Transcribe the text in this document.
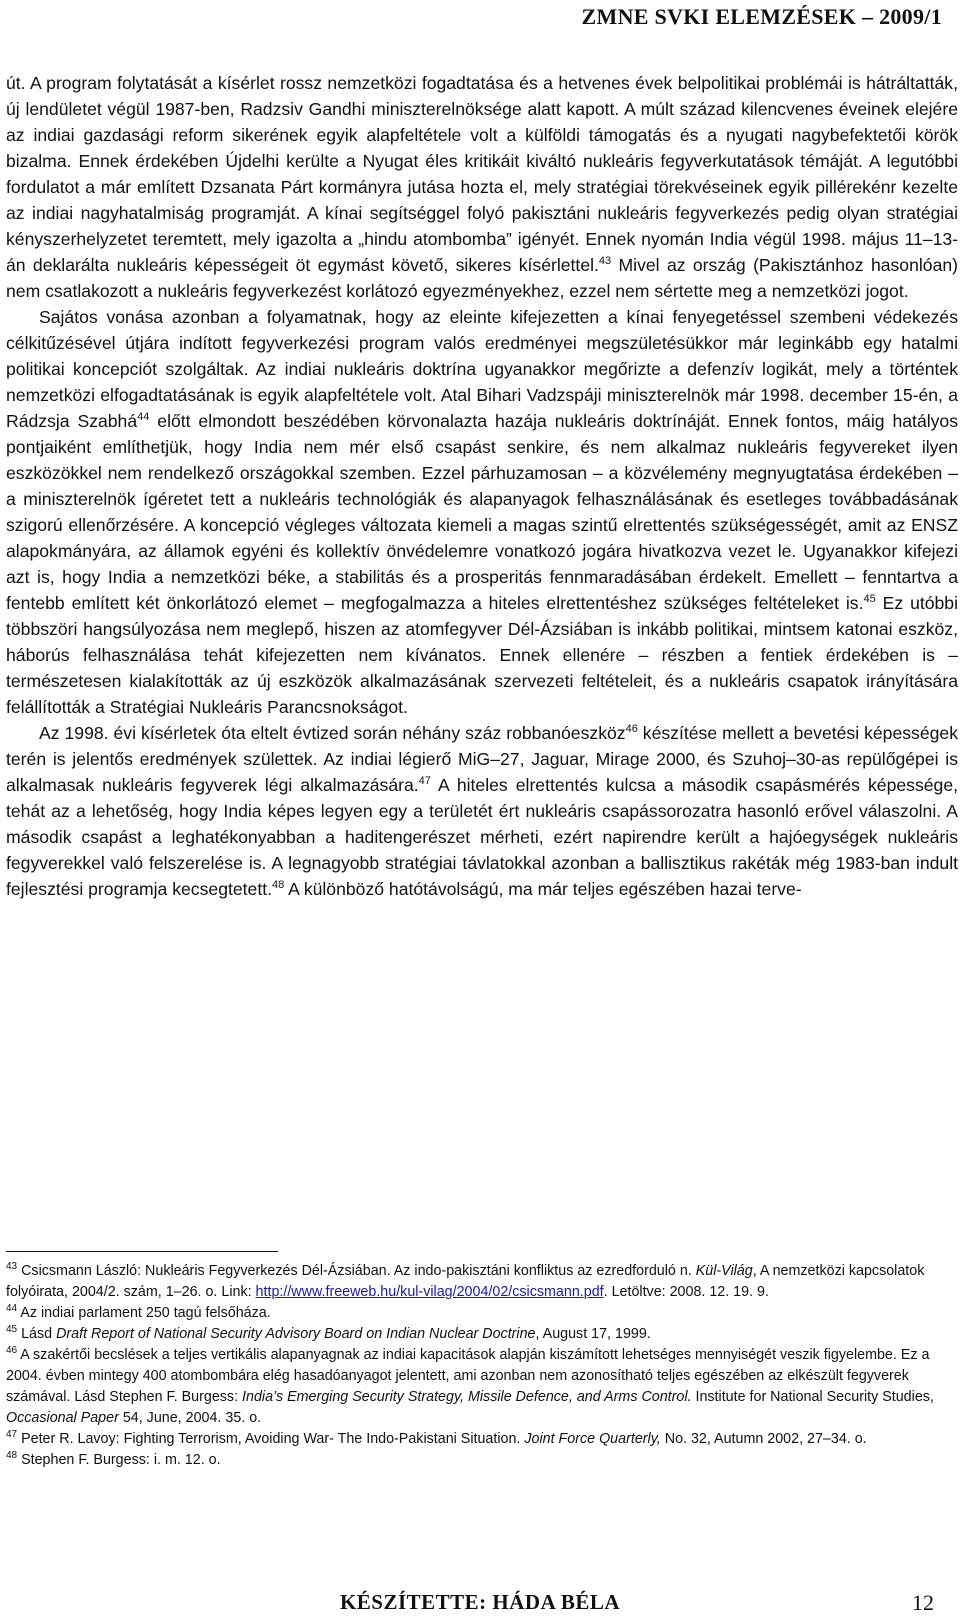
ZMNE SVKI ELEMZÉSEK – 2009/1

út. A program folytatását a kísérlet rossz nemzetközi fogadtatása és a hetvenes évek belpolitikai problémái is hátráltatták, új lendületet végül 1987-ben, Radzsiv Gandhi miniszterelnöksége alatt kapott. A múlt század kilencvenes éveinek elejére az indiai gazdasági reform sikerének egyik alapfeltétele volt a külföldi támogatás és a nyugati nagybefektetői körök bizalma. Ennek érdekében Újdelhi kerülte a Nyugat éles kritikáit kiváltó nukleáris fegyverkutatások témáját. A legutóbbi fordulatot a már említett Dzsanata Párt kormányra jutása hozta el, mely stratégiai törekvéseinek egyik pillérekénr kezelte az indiai nagyhatalmiság programját. A kínai segítséggel folyó pakisztáni nukleáris fegyverkezés pedig olyan stratégiai kényszerhelyzetet teremtett, mely igazolta a „hindu atombomba” igényét. Ennek nyomán India végül 1998. május 11–13-án deklarálta nukleáris képességeit öt egymást követő, sikeres kísérlettel.$^{43}$ Mivel az ország (Pakisztánhoz hasonlóan) nem csatlakozott a nukleáris fegyverkezést korlátozó egyezményekhez, ezzel nem sértette meg a nemzetközi jogot.

Sajátos vonása azonban a folyamatnak, hogy az eleinte kifejezetten a kínai fenyegetéssel szembeni védekezés célkitűzésével útjára indított fegyverkezési program valós eredményei megszületésükkor már leginkább egy hatalmi politikai koncepciót szolgáltak. Az indiai nukleáris doktrína ugyanakkor megőrizte a defenzív logikát, mely a történtek nemzetközi elfogadtatásának is egyik alapfeltétele volt. Atal Bihari Vadzspáji miniszterelnök már 1998. december 15-én, a Rádzsja Szabhá$^{44}$ előtt elmondott beszédében körvonalazta hazája nukleáris doktrínáját. Ennek fontos, máig hatályos pontjaiként említhetjük, hogy India nem mér első csapást senkire, és nem alkalmaz nukleáris fegyvereket ilyen eszközökkel nem rendelkező országokkal szemben. Ezzel párhuzamosan – a közvélemény megnyugtatása érdekében – a miniszterelnök ígéretet tett a nukleáris technológiák és alapanyagok felhasználásának és esetleges továbbadásának szigorú ellenőrzésére. A koncepció végleges változata kiemeli a magas szintű elrettentés szükségességét, amit az ENSZ alapokmányára, az államok egyéni és kollektív önvédelemre vonatkozó jogára hivatkozva vezet le. Ugyanakkor kifejezi azt is, hogy India a nemzetközi béke, a stabilitás és a prosperitás fennmaradásában érdekelt. Emellett – fenntartva a fentebb említett két önkorlátozó elemet – megfogalmazza a hiteles elrettentéshez szükséges feltételeket is.$^{45}$ Ez utóbbi többszöri hangsúlyozása nem meglepő, hiszen az atomfegyver Dél-Ázsiában is inkább politikai, mintsem katonai eszköz, háborús felhasználása tehát kifejezetten nem kívánatos. Ennek ellenére – részben a fentiek érdekében is – természetesen kialakították az új eszközök alkalmazásának szervezeti feltételeit, és a nukleáris csapatok irányítására felállították a Stratégiai Nukleáris Parancsnokságot.

Az 1998. évi kísérletek óta eltelt évtized során néhány száz robbanóeszköz$^{46}$ készítése mellett a bevetési képességek terén is jelentős eredmények születtek. Az indiai légierő MiG–27, Jaguar, Mirage 2000, és Szuhoj–30-as repülőgépei is alkalmasak nukleáris fegyverek légi alkalmazására.$^{47}$ A hiteles elrettentés kulcsa a második csapásmérés képessége, tehát az a lehetőség, hogy India képes legyen egy a területét ért nukleáris csapássorozatra hasonló erővel válaszolni. A második csapást a leghatékonyabban a haditengerészet mérheti, ezért napirendre került a hajóegységek nukleáris fegyverekkel való felszerelése is. A legnagyobb stratégiai távlatokkal azonban a ballisztikus rakéták még 1983-ban indult fejlesztési programja kecsegtetett.$^{48}$ A különböző hatótávolságú, ma már teljes egészében hazai terve-

$^{43}$ Csicsmann László: Nukleáris Fegyverkezés Dél-Ázsiában. Az indo-pakisztáni konfliktus az ezredforduló n. Kül-Világ, A nemzetközi kapcsolatok folyóirata, 2004/2. szám, 1–26. o. Link: http://www.freeweb.hu/kul-vilag/2004/02/csicsmann.pdf. Letöltve: 2008. 12. 19. 9.

$^{44}$ Az indiai parlament 250 tagú felsőháza.

$^{45}$ Lásd Draft Report of National Security Advisory Board on Indian Nuclear Doctrine, August 17, 1999.

$^{46}$ A szakértői becslések a teljes vertikális alapanyagnak az indiai kapacitások alapján kiszámított lehetséges mennyiségét veszik figyelembe. Ez a 2004. évben mintegy 400 atombombára elég hasadóanyagot jelentett, ami azonban nem azonosítható teljes egészében az elkészült fegyverek számával. Lásd Stephen F. Burgess: India’s Emerging Security Strategy, Missile Defence, and Arms Control. Institute for National Security Studies, Occasional Paper 54, June, 2004. 35. o.

$^{47}$ Peter R. Lavoy: Fighting Terrorism, Avoiding War- The Indo-Pakistani Situation. Joint Force Quarterly, No. 32, Autumn 2002, 27–34. o.

$^{48}$ Stephen F. Burgess: i. m. 12. o.

KÉSZÍTETTE: HÁDA BÉLA	12
